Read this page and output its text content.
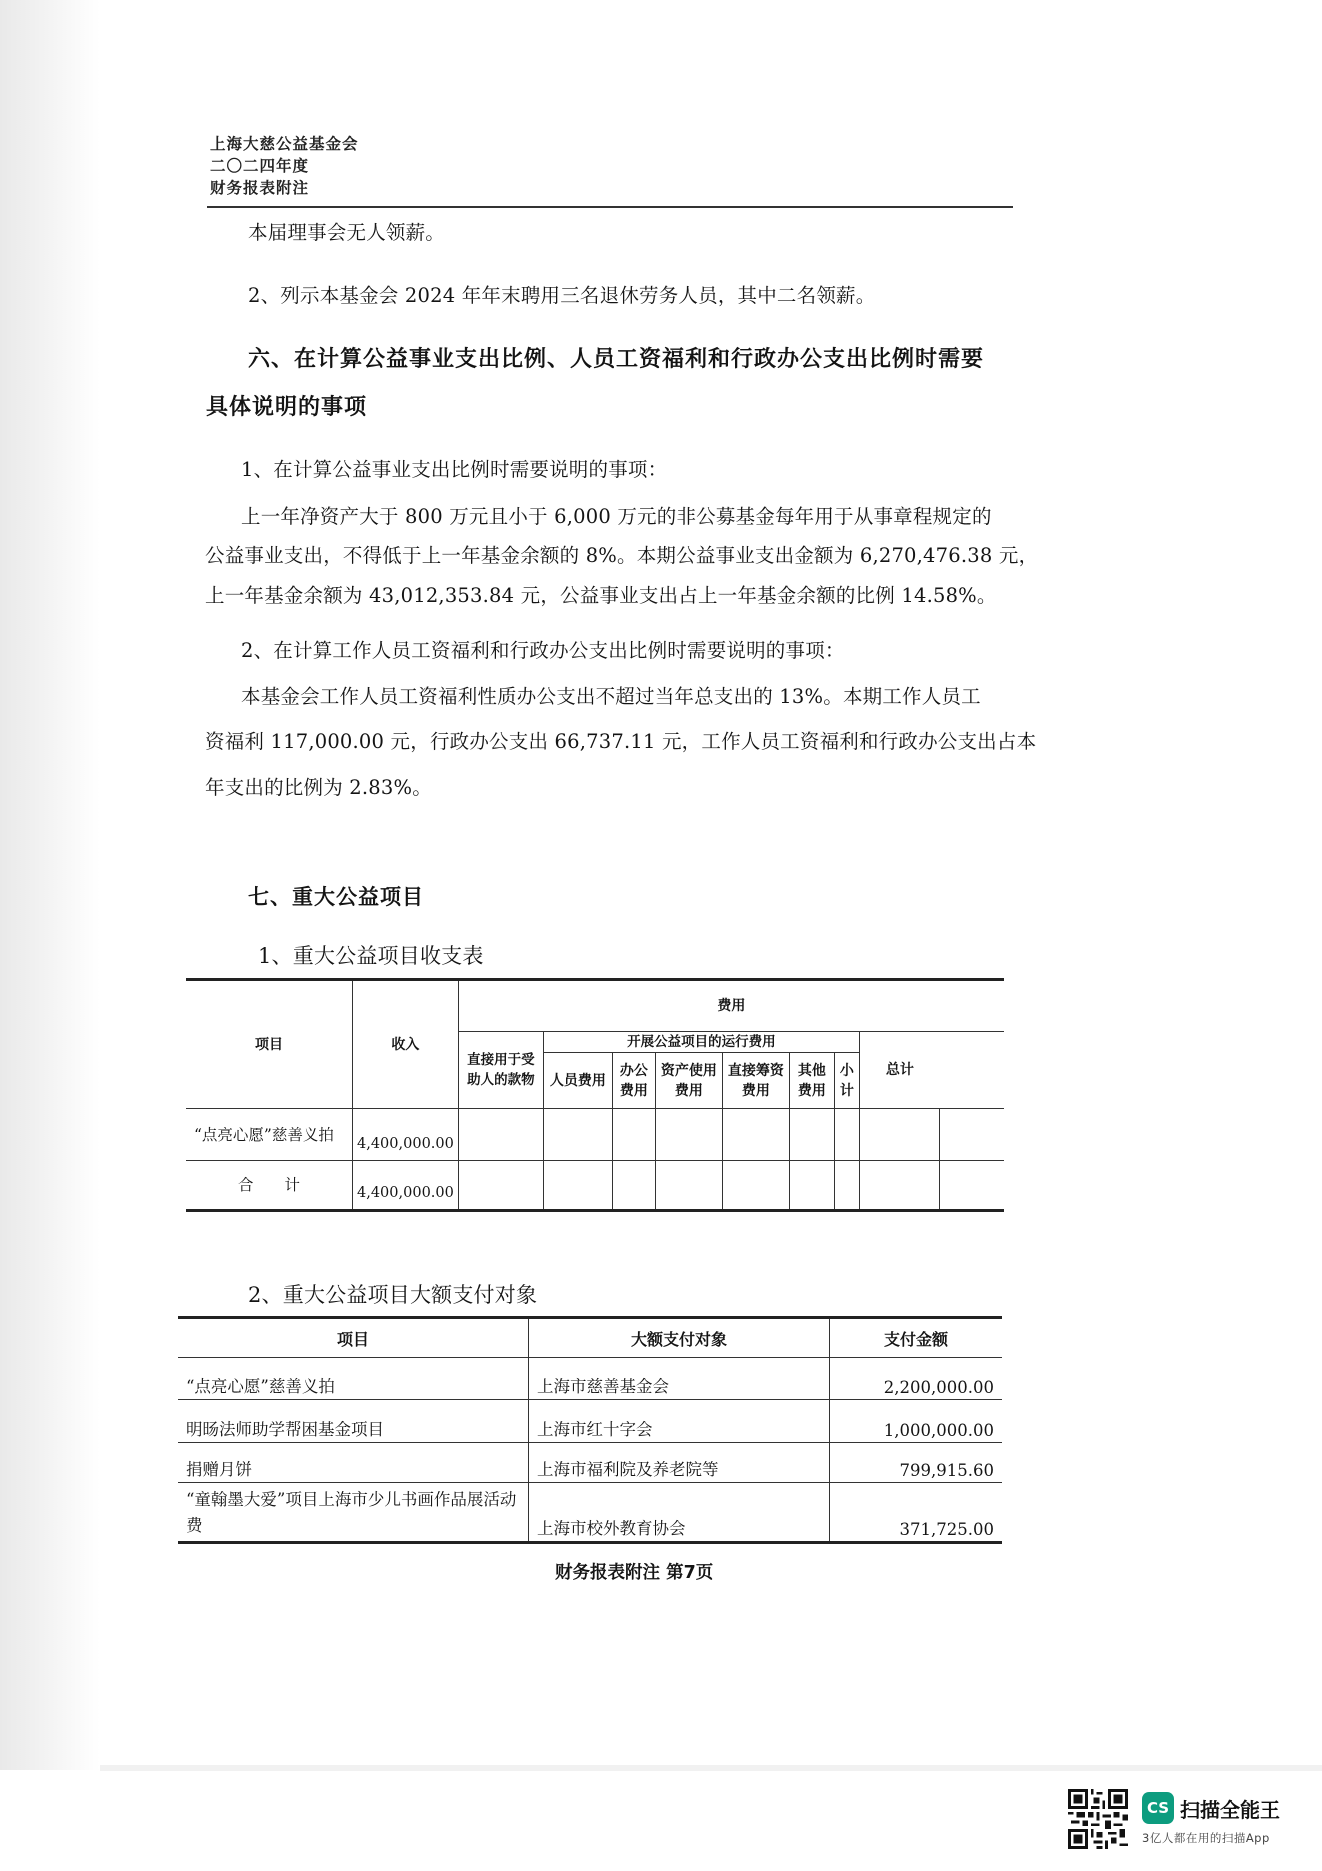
上海大慈公益基金会
二〇二四年度
财务报表附注
本届理事会无人领薪。
2、列示本基金会 2024 年年末聘用三名退休劳务人员，其中二名领薪。
六、在计算公益事业支出比例、人员工资福利和行政办公支出比例时需要
具体说明的事项
1、在计算公益事业支出比例时需要说明的事项：
上一年净资产大于 800 万元且小于 6,000 万元的非公募基金每年用于从事章程规定的
公益事业支出，不得低于上一年基金余额的 8%。本期公益事业支出金额为 6,270,476.38 元，
上一年基金余额为 43,012,353.84 元，公益事业支出占上一年基金余额的比例 14.58%。
2、在计算工作人员工资福利和行政办公支出比例时需要说明的事项：
本基金会工作人员工资福利性质办公支出不超过当年总支出的 13%。本期工作人员工
资福利 117,000.00 元，行政办公支出 66,737.11 元，工作人员工资福利和行政办公支出占本
年支出的比例为 2.83%。
七、重大公益项目
1、重大公益项目收支表
项目	收入	费用								
		直接用于受助人的款物	开展公益项目的运行费用						总计	
			人员费用	办公费用	资产使用费用	直接筹资费用	其他费用	小计		
“点亮心愿”慈善义拍	4,400,000.00									
合　　计	4,400,000.00									
2、重大公益项目大额支付对象
项目	大额支付对象	支付金额
“点亮心愿”慈善义拍	上海市慈善基金会	2,200,000.00
明旸法师助学帮困基金项目	上海市红十字会	1,000,000.00
捐赠月饼	上海市福利院及养老院等	799,915.60
“童翰墨大爱”项目上海市少儿书画作品展活动费	上海市校外教育协会	371,725.00
财务报表附注 第7页
CS 扫描全能王
3亿人都在用的扫描App
